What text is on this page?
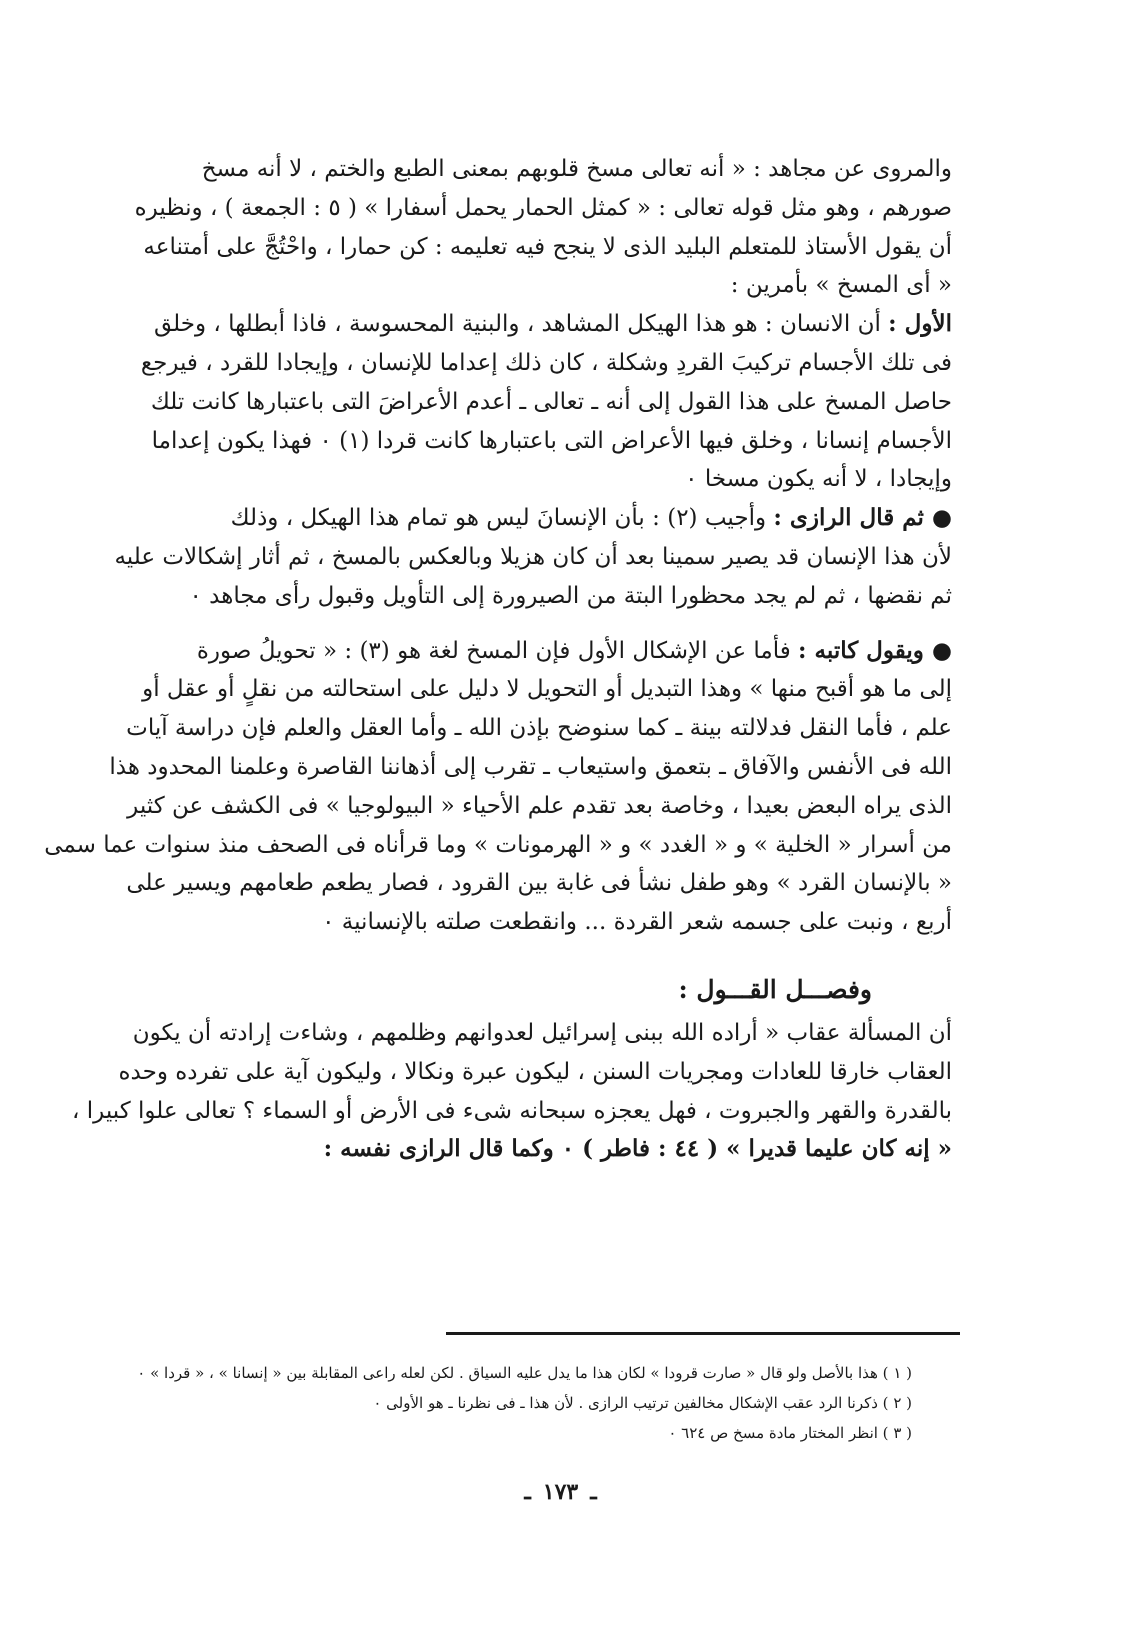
والمروى عن مجاهد : « أنه تعالى مسخ قلوبهم بمعنى الطبع والختم ، لا أنه مسخ
صورهم ، وهو مثل قوله تعالى : « كمثل الحمار يحمل أسفارا » ( ٥ : الجمعة ) ، ونظيره
أن يقول الأستاذ للمتعلم البليد الذى لا ينجح فيه تعليمه : كن حمارا ، واحْتُجَّ على أمتناعه
« أى المسخ » بأمرين :
الأول : أن الانسان : هو هذا الهيكل المشاهد ، والبنية المحسوسة ، فاذا أبطلها ، وخلق
فى تلك الأجسام تركيبَ القردِ وشكلة ، كان ذلك إعداما للإنسان ، وإيجادا للقرد ، فيرجع
حاصل المسخ على هذا القول إلى أنه ـ تعالى ـ أعدم الأعراضَ التى باعتبارها كانت تلك
الأجسام إنسانا ، وخلق فيها الأعراض التى باعتبارها كانت قردا (١) ٠ فهذا يكون إعداما
وإيجادا ، لا أنه يكون مسخا ٠
● ثم قال الرازى : وأجيب (٢) : بأن الإنسانَ ليس هو تمام هذا الهيكل ، وذلك
لأن هذا الإنسان قد يصير سمينا بعد أن كان هزيلا وبالعكس بالمسخ ، ثم أثار إشكالات عليه
ثم نقضها ، ثم لم يجد محظورا البتة من الصيرورة إلى التأويل وقبول رأى مجاهد ٠
● ويقول كاتبه : فأما عن الإشكال الأول فإن المسخ لغة هو (٣) : « تحويلُ صورة
إلى ما هو أقبح منها » وهذا التبديل أو التحويل لا دليل على استحالته من نقلٍ أو عقل أو
علم ، فأما النقل فدلالته بينة ـ كما سنوضح بإذن الله ـ وأما العقل والعلم فإن دراسة آيات
الله فى الأنفس والآفاق ـ بتعمق واستيعاب ـ تقرب إلى أذهاننا القاصرة وعلمنا المحدود هذا
الذى يراه البعض بعيدا ، وخاصة بعد تقدم علم الأحياء « البيولوجيا » فى الكشف عن كثير
من أسرار « الخلية » و « الغدد » و « الهرمونات » وما قرأناه فى الصحف منذ سنوات عما سمى
« بالإنسان القرد » وهو طفل نشأ فى غابة بين القرود ، فصار يطعم طعامهم ويسير على
أربع ، ونبت على جسمه شعر القردة ... وانقطعت صلته بالإنسانية ٠
وفصـــل القـــول :
أن المسألة عقاب « أراده الله ببنى إسرائيل لعدوانهم وظلمهم ، وشاءت إرادته أن يكون
العقاب خارقا للعادات ومجريات السنن ، ليكون عبرة ونكالا ، وليكون آية على تفرده وحده
بالقدرة والقهر والجبروت ، فهل يعجزه سبحانه شىء فى الأرض أو السماء ؟ تعالى علوا كبيرا ،
« إنه كان عليما قديرا » ( ٤٤ : فاطر ) ٠ وكما قال الرازى نفسه :
( ١ ) هذا بالأصل ولو قال « صارت قرودا » لكان هذا ما يدل عليه السياق . لكن لعله راعى المقابلة بين « إنسانا » ، « قردا » ٠
( ٢ ) ذكرنا الرد عقب الإشكال مخالفين ترتيب الرازى . لأن هذا ـ فى نظرنا ـ هو الأولى ٠
( ٣ ) انظر المختار مادة مسخ ص ٦٢٤ ٠
ـ١٧٣ـ
